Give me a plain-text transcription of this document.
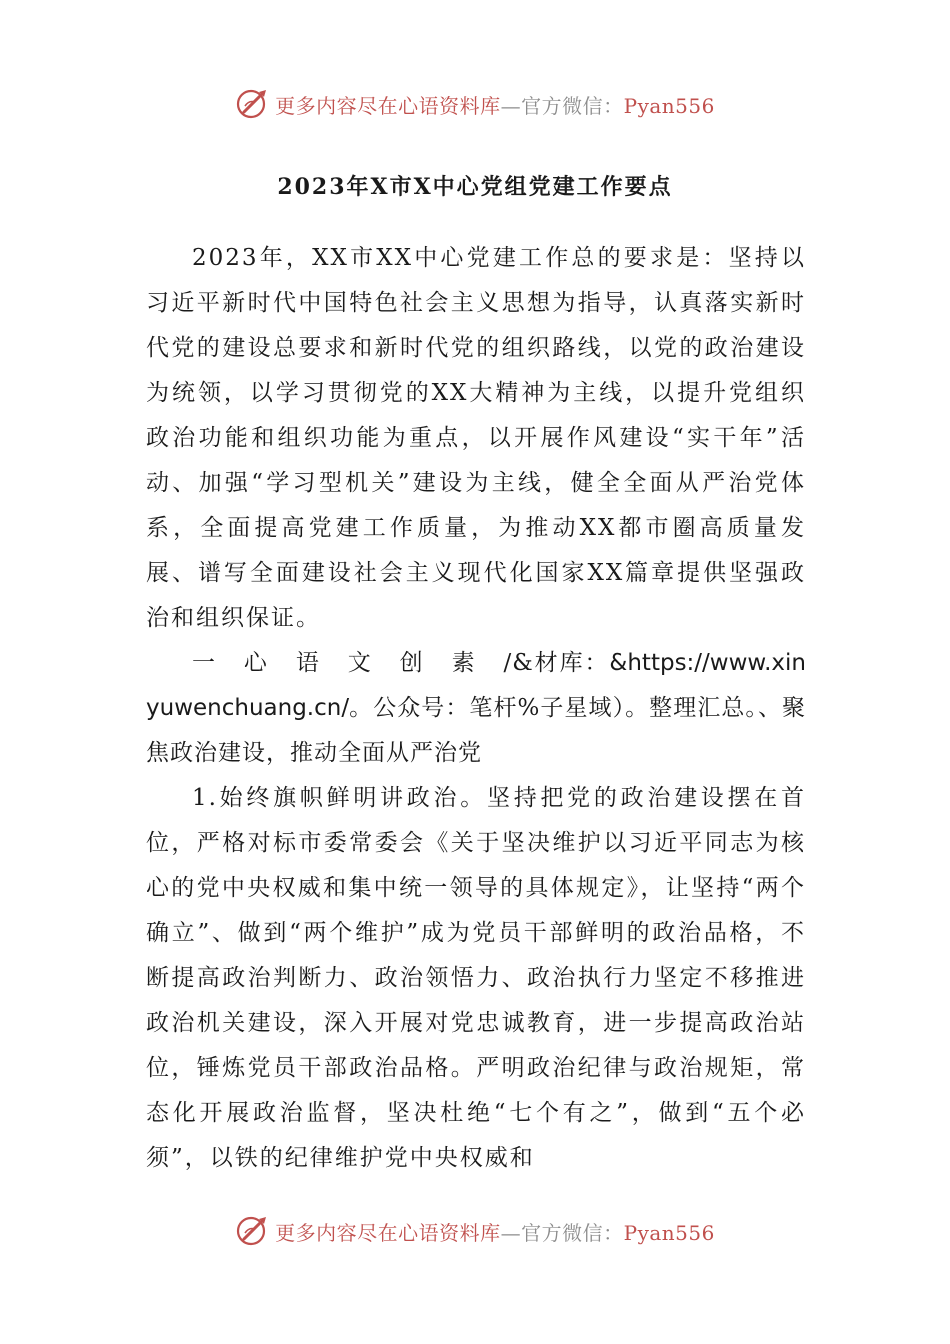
更多内容尽在心语资料库—官方微信：Pyan556
2023年X市X中心党组党建工作要点

2023年，XX市XX中心党建工作总的要求是：坚持以习近平新时代中国特色社会主义思想为指导，认真落实新时代党的建设总要求和新时代党的组织路线，以党的政治建设为统领，以学习贯彻党的XX大精神为主线，以提升党组织政治功能和组织功能为重点，以开展作风建设“实干年”活动、加强“学习型机关”建设为主线，健全全面从严治党体系，全面提高党建工作质量，为推动XX都市圈高质量发展、谱写全面建设社会主义现代化国家XX篇章提供坚强政治和组织保证。

一心语文创素/&材库：&https://www.xinyuwenchuang.cn/。公众号：笔杆%子星域）。整理汇总。、聚焦政治建设，推动全面从严治党

1.始终旗帜鲜明讲政治。坚持把党的政治建设摆在首位，严格对标市委常委会《关于坚决维护以习近平同志为核心的党中央权威和集中统一领导的具体规定》，让坚持“两个确立”、做到“两个维护”成为党员干部鲜明的政治品格，不断提高政治判断力、政治领悟力、政治执行力坚定不移推进政治机关建设，深入开展对党忠诚教育，进一步提高政治站位，锤炼党员干部政治品格。严明政治纪律与政治规矩，常态化开展政治监督，坚决杜绝“七个有之”，做到“五个必须”，以铁的纪律维护党中央权威和

更多内容尽在心语资料库—官方微信：Pyan556
